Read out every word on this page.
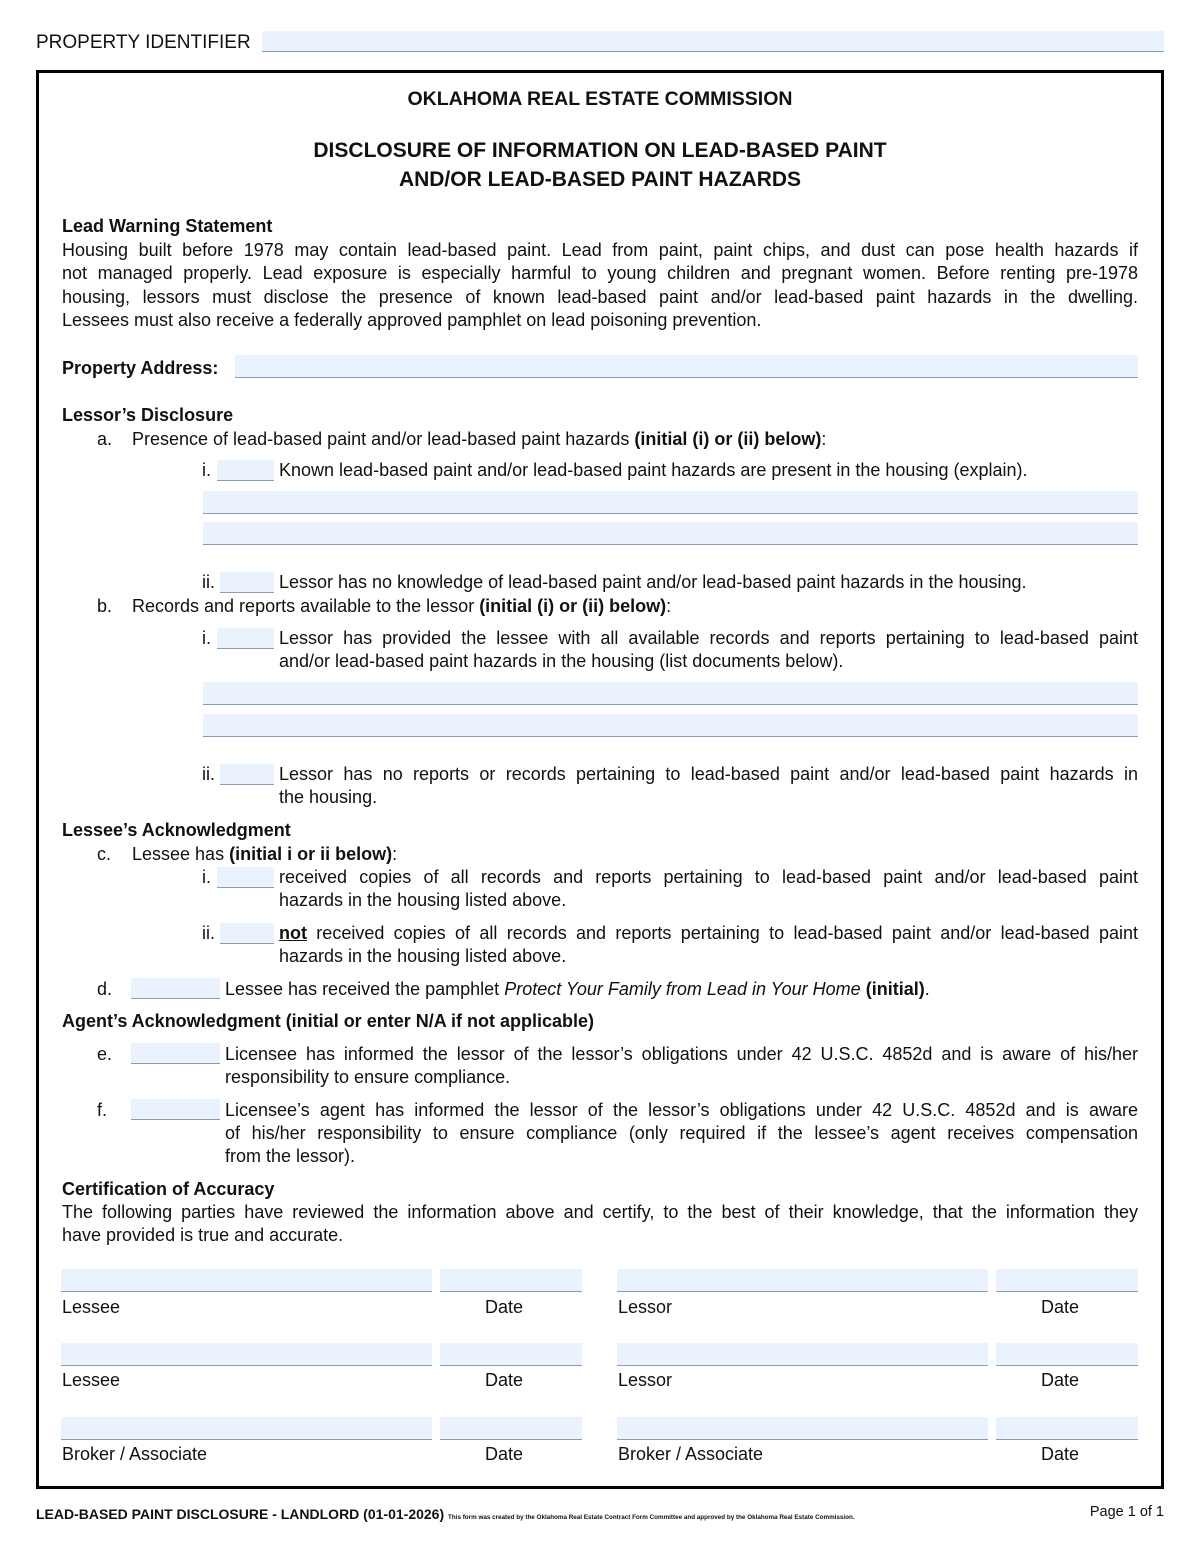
PROPERTY IDENTIFIER
OKLAHOMA REAL ESTATE COMMISSION
DISCLOSURE OF INFORMATION ON LEAD-BASED PAINT
AND/OR LEAD-BASED PAINT HAZARDS
Lead Warning Statement
Housing built before 1978 may contain lead-based paint. Lead from paint, paint chips, and dust can pose health hazards if
not managed properly. Lead exposure is especially harmful to young children and pregnant women. Before renting pre-1978
housing, lessors must disclose the presence of known lead-based paint and/or lead-based paint hazards in the dwelling.
Lessees must also receive a federally approved pamphlet on lead poisoning prevention.
Property Address:
Lessor’s Disclosure
a. Presence of lead-based paint and/or lead-based paint hazards (initial (i) or (ii) below):
i.	Known lead-based paint and/or lead-based paint hazards are present in the housing (explain).
ii.	Lessor has no knowledge of lead-based paint and/or lead-based paint hazards in the housing.
b. Records and reports available to the lessor (initial (i) or (ii) below):
i.	Lessor has provided the lessee with all available records and reports pertaining to lead-based paint
and/or lead-based paint hazards in the housing (list documents below).
ii.	Lessor has no reports or records pertaining to lead-based paint and/or lead-based paint hazards in
the housing.
Lessee’s Acknowledgment
c. Lessee has (initial i or ii below):
i.	received copies of all records and reports pertaining to lead-based paint and/or lead-based paint
hazards in the housing listed above.
ii.	not received copies of all records and reports pertaining to lead-based paint and/or lead-based paint
hazards in the housing listed above.
d.	Lessee has received the pamphlet Protect Your Family from Lead in Your Home (initial).
Agent’s Acknowledgment (initial or enter N/A if not applicable)
e.	Licensee has informed the lessor of the lessor’s obligations under 42 U.S.C. 4852d and is aware of his/her
responsibility to ensure compliance.
f.	Licensee’s agent has informed the lessor of the lessor’s obligations under 42 U.S.C. 4852d and is aware
of his/her responsibility to ensure compliance (only required if the lessee’s agent receives compensation
from the lessor).
Certification of Accuracy
The following parties have reviewed the information above and certify, to the best of their knowledge, that the information they
have provided is true and accurate.
Lessee	Date	Lessor	Date
Lessee	Date	Lessor	Date
Broker / Associate	Date	Broker / Associate	Date
LEAD-BASED PAINT DISCLOSURE - LANDLORD (01-01-2026) This form was created by the Oklahoma Real Estate Contract Form Committee and approved by the Oklahoma Real Estate Commission.	Page 1 of 1
